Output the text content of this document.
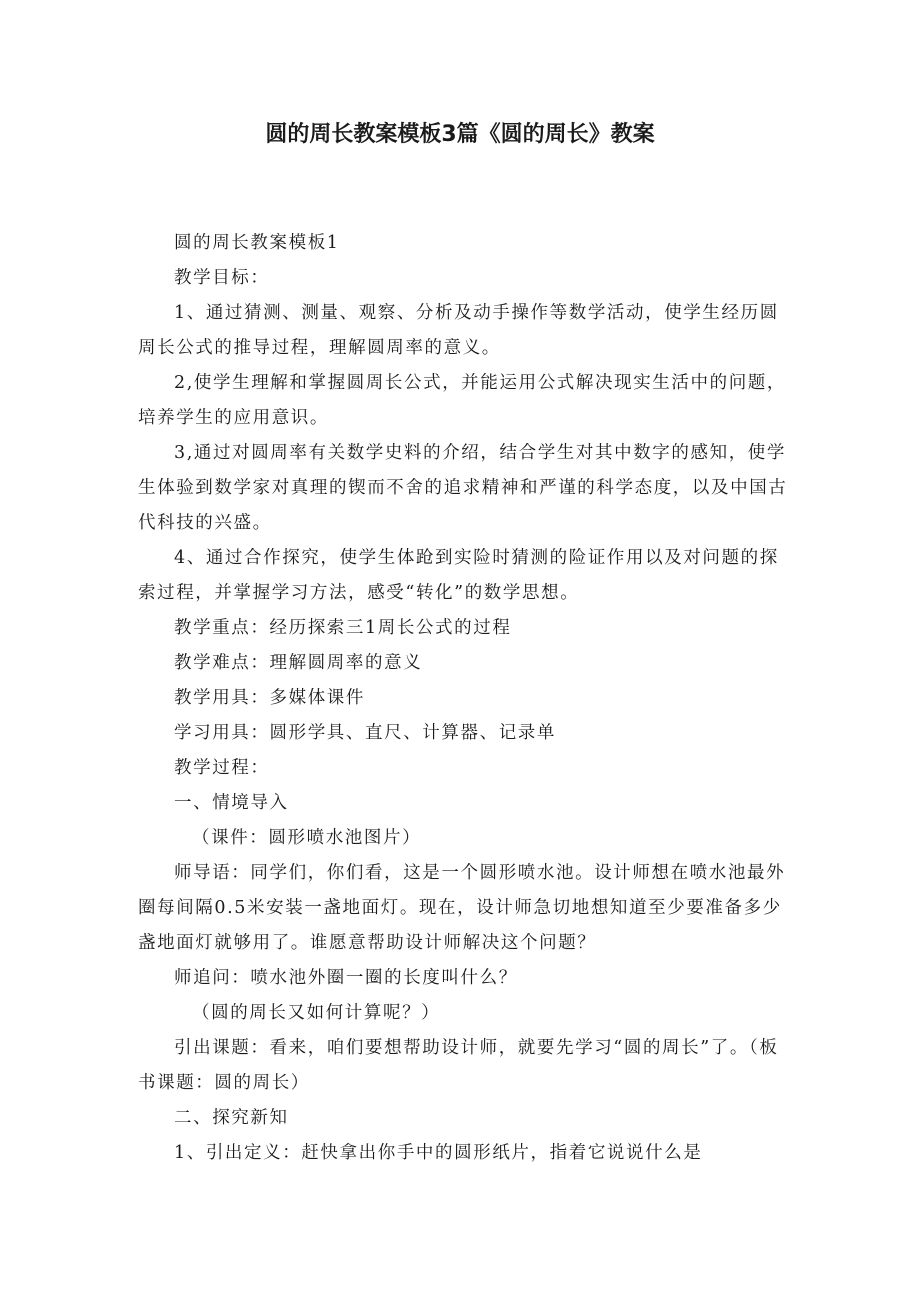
圆的周长教案模板3篇《圆的周长》教案

圆的周长教案模板1

教学目标：

1、通过猜测、测量、观察、分析及动手操作等数学活动，使学生经历圆周长公式的推导过程，理解圆周率的意义。

2,使学生理解和掌握圆周长公式，并能运用公式解决现实生活中的问题，培养学生的应用意识。

3,通过对圆周率有关数学史料的介绍，结合学生对其中数字的感知，使学生体验到数学家对真理的锲而不舍的追求精神和严谨的科学态度，以及中国古代科技的兴盛。

4、通过合作探究，使学生体跄到实险时猜测的险证作用以及对问题的探索过程，并掌握学习方法，感受“转化”的数学思想。

教学重点：经历探索三1周长公式的过程

教学难点：理解圆周率的意义

教学用具：多媒体课件

学习用具：圆形学具、直尺、计算器、记录单

教学过程：

一、情境导入

（课件：圆形喷水池图片）

师导语：同学们，你们看，这是一个圆形喷水池。设计师想在喷水池最外圈每间隔0.5米安装一盏地面灯。现在，设计师急切地想知道至少要准备多少盏地面灯就够用了。谁愿意帮助设计师解决这个问题？

师追问：喷水池外圈一圈的长度叫什么？

（圆的周长又如何计算呢？）

引出课题：看来，咱们要想帮助设计师，就要先学习“圆的周长”了。（板书课题：圆的周长）

二、探究新知

1、引出定义：赶快拿出你手中的圆形纸片，指着它说说什么是
